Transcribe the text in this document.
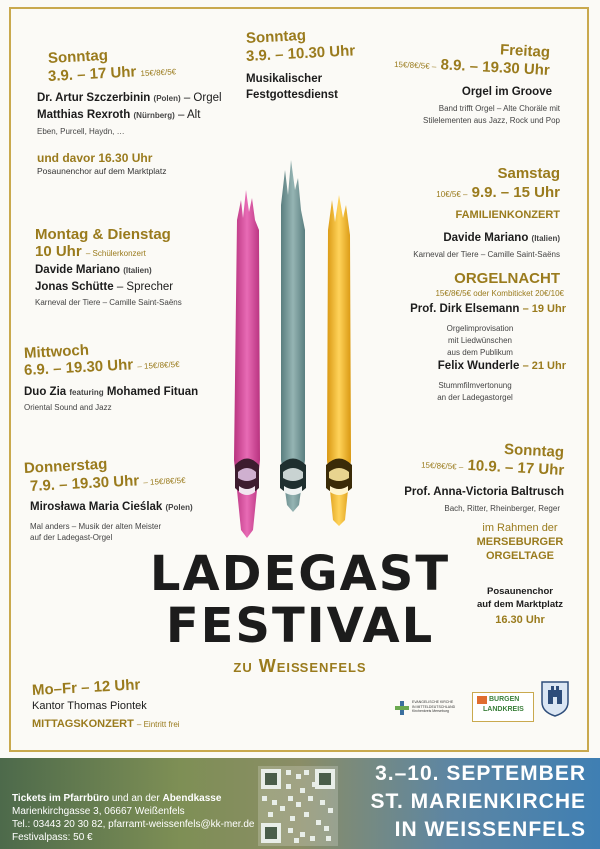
Sonntag
3.9. – 17 Uhr 15€/8€/5€
Dr. Artur Szczerbinin (Polen) – Orgel
Matthias Rexroth (Nürnberg) – Alt
Eben, Purcell, Haydn, …
und davor 16.30 Uhr
Posaunenchor auf dem Marktplatz
Montag & Dienstag
10 Uhr – Schülerkonzert
Davide Mariano (Italien)
Jonas Schütte – Sprecher
Karneval der Tiere – Camille Saint-Saëns
Mittwoch
6.9. – 19.30 Uhr – 15€/8€/5€
Duo Zia featuring Mohamed Fituan
Oriental Sound and Jazz
Donnerstag
7.9. – 19.30 Uhr – 15€/8€/5€
Mirosława Maria Cieślak (Polen)
Mal anders – Musik der alten Meister
auf der Ladegast-Orgel
Mo–Fr – 12 Uhr
Kantor Thomas Piontek
MITTAGSKONZERT – Eintritt frei
Sonntag
3.9. – 10.30 Uhr
Musikalischer
Festgottesdienst
Freitag
15€/8€/5€ – 8.9. – 19.30 Uhr
Orgel im Groove
Band trifft Orgel – Alte Choräle mit
Stilelementen aus Jazz, Rock und Pop
Samstag
10€/5€ – 9.9. – 15 Uhr
FAMILIENKONZERT
Davide Mariano (Italien)
Karneval der Tiere – Camille Saint-Saëns
ORGELNACHT
15€/8€/5€ oder Kombiticket 20€/10€
Prof. Dirk Elsemann – 19 Uhr
Orgelimprovisation
mit Liedwünschen
aus dem Publikum
Felix Wunderle – 21 Uhr
Stummfilmvertonung
an der Ladegastorgel
Sonntag
15€/8€/5€ – 10.9. – 17 Uhr
Prof. Anna-Victoria Baltrusch
Bach, Ritter, Rheinberger, Reger
im Rahmen der
MERSEBURGER
ORGELTAGE
Posaunenchor
auf dem Marktplatz
16.30 Uhr
LADEGAST
FESTIVAL
zu Weißenfels
EVANGELISCHE KIRCHE
IN MITTELDEUTSCHLAND
Kirchenkreis Merseburg
BURGEN
LANDKREIS
Tickets im Pfarrbüro und an der Abendkasse
Marienkirchgasse 3, 06667 Weißenfels
Tel.: 03443 20 30 82, pfarramt-weissenfels@kk-mer.de
Festivalpass: 50 €
3.–10. SEPTEMBER
ST. MARIENKIRCHE
IN WEISSENFELS
